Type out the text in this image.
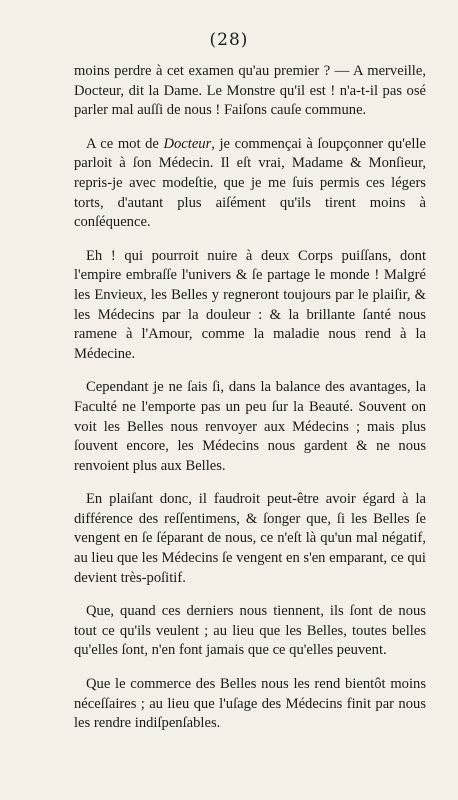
(28)

moins perdre à cet examen qu'au premier ? — A merveille, Docteur, dit la Dame. Le Monstre qu'il est ! n'a-t-il pas osé parler mal auſſi de nous ! Faiſons cauſe commune.

A ce mot de Docteur, je commençai à ſoupçonner qu'elle parloit à ſon Médecin. Il eſt vrai, Madame & Monſieur, repris-je avec modeſtie, que je me ſuis permis ces légers torts, d'autant plus aiſément qu'ils tirent moins à conſéquence.

Eh ! qui pourroit nuire à deux Corps puiſſans, dont l'empire embraſſe l'univers & ſe partage le monde ! Malgré les Envieux, les Belles y regneront toujours par le plaiſir, & les Médecins par la douleur : & la brillante ſanté nous ramene à l'Amour, comme la maladie nous rend à la Médecine.

Cependant je ne ſais ſi, dans la balance des avantages, la Faculté ne l'emporte pas un peu ſur la Beauté. Souvent on voit les Belles nous renvoyer aux Médecins ; mais plus ſouvent encore, les Médecins nous gardent & ne nous renvoient plus aux Belles.

En plaiſant donc, il faudroit peut-être avoir égard à la différence des reſſentimens, & ſonger que, ſi les Belles ſe vengent en ſe ſéparant de nous, ce n'eſt là qu'un mal négatif, au lieu que les Médecins ſe vengent en s'en emparant, ce qui devient très-poſitif.

Que, quand ces derniers nous tiennent, ils ſont de nous tout ce qu'ils veulent ; au lieu que les Belles, toutes belles qu'elles ſont, n'en font jamais que ce qu'elles peuvent.

Que le commerce des Belles nous les rend bientôt moins néceſſaires ; au lieu que l'uſage des Médecins finit par nous les rendre indiſpenſables.
